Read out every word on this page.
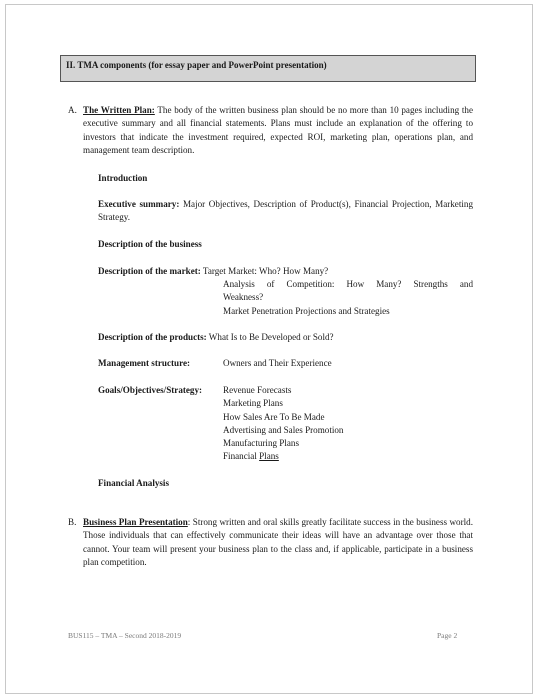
II. TMA components (for essay paper and PowerPoint presentation)
A. The Written Plan: The body of the written business plan should be no more than 10 pages including the executive summary and all financial statements. Plans must include an explanation of the offering to investors that indicate the investment required, expected ROI, marketing plan, operations plan, and management team description.
Introduction
Executive summary: Major Objectives, Description of Product(s), Financial Projection, Marketing Strategy.
Description of the business
Description of the market: Target Market: Who? How Many?
Analysis of Competition: How Many? Strengths and
Weakness?
Market Penetration Projections and Strategies
Description of the products: What Is to Be Developed or Sold?
Management structure:	Owners and Their Experience
Goals/Objectives/Strategy: Revenue Forecasts
Marketing Plans
How Sales Are To Be Made
Advertising and Sales Promotion
Manufacturing Plans
Financial Plans
Financial Analysis
B. Business Plan Presentation: Strong written and oral skills greatly facilitate success in the business world. Those individuals that can effectively communicate their ideas will have an advantage over those that cannot. Your team will present your business plan to the class and, if applicable, participate in a business plan competition.
BUS115 – TMA – Second 2018-2019	Page 2
